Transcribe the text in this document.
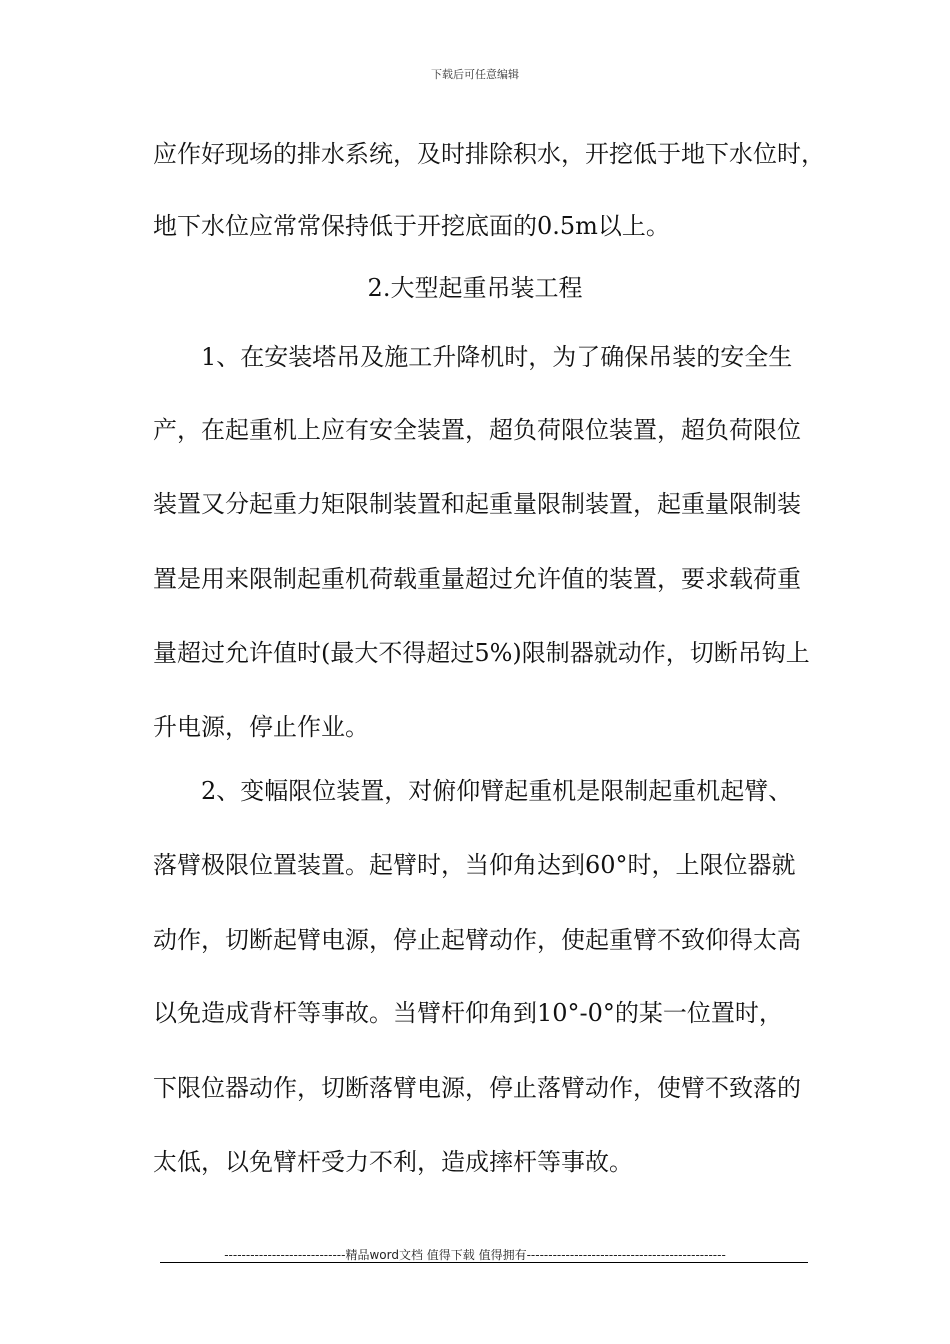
下载后可任意编辑
应作好现场的排水系统，及时排除积水，开挖低于地下水位时，
地下水位应常常保持低于开挖底面的0.5m以上。
2.大型起重吊装工程
1、在安装塔吊及施工升降机时，为了确保吊装的安全生
产，在起重机上应有安全装置，超负荷限位装置，超负荷限位
装置又分起重力矩限制装置和起重量限制装置，起重量限制装
置是用来限制起重机荷载重量超过允许值的装置，要求载荷重
量超过允许值时(最大不得超过5%)限制器就动作，切断吊钩上
升电源，停止作业。
2、变幅限位装置，对俯仰臂起重机是限制起重机起臂、
落臂极限位置装置。起臂时，当仰角达到60°时，上限位器就
动作，切断起臂电源，停止起臂动作，使起重臂不致仰得太高
以免造成背杆等事故。当臂杆仰角到10°-0°的某一位置时，
下限位器动作，切断落臂电源，停止落臂动作，使臂不致落的
太低，以免臂杆受力不利，造成摔杆等事故。
----------------------------精品word文档 值得下载 值得拥有----------------------------------------------
